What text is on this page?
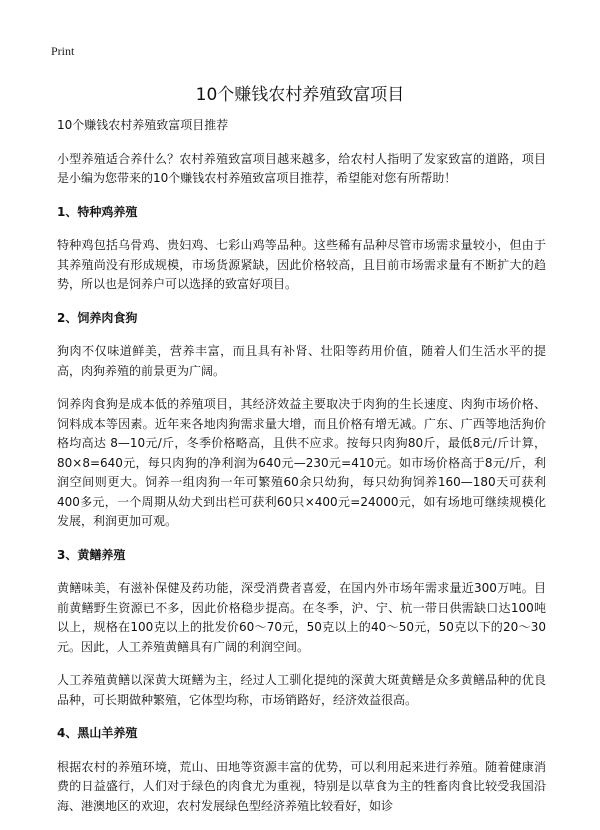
Print
10个赚钱农村养殖致富项目

10个赚钱农村养殖致富项目推荐

小型养殖适合养什么？农村养殖致富项目越来越多，给农村人指明了发家致富的道路，项目是小编为您带来的10个赚钱农村养殖致富项目推荐，希望能对您有所帮助！

1、特种鸡养殖

特种鸡包括乌骨鸡、贵妇鸡、七彩山鸡等品种。这些稀有品种尽管市场需求量较小，但由于其养殖尚没有形成规模，市场货源紧缺，因此价格较高，且目前市场需求量有不断扩大的趋势，所以也是饲养户可以选择的致富好项目。

2、饲养肉食狗

狗肉不仅味道鲜美，营养丰富，而且具有补肾、壮阳等药用价值，随着人们生活水平的提高，肉狗养殖的前景更为广阔。

饲养肉食狗是成本低的养殖项目，其经济效益主要取决于肉狗的生长速度、肉狗市场价格、饲料成本等因素。近年来各地肉狗需求量大增，而且价格有增无减。广东、广西等地活狗价格均高达 8—10元/斤，冬季价格略高，且供不应求。按每只肉狗80斤，最低8元/斤计算，80×8=640元，每只肉狗的净利润为640元—230元=410元。如市场价格高于8元/斤，利润空间则更大。饲养一组肉狗一年可繁殖60余只幼狗，每只幼狗饲养160—180天可获利400多元，一个周期从幼犬到出栏可获利60只×400元=24000元，如有场地可继续规模化发展，利润更加可观。

3、黄鳝养殖

黄鳝味美，有滋补保健及药功能，深受消费者喜爱，在国内外市场年需求量近300万吨。目前黄鳝野生资源已不多，因此价格稳步提高。在冬季，沪、宁、杭一带日供需缺口达100吨以上，规格在100克以上的批发价60～70元，50克以上的40～50元，50克以下的20～30元。因此，人工养殖黄鳝具有广阔的利润空间。

人工养殖黄鳝以深黄大斑鳝为主，经过人工驯化提纯的深黄大斑黄鳝是众多黄鳝品种的优良品种，可长期做种繁殖，它体型均称，市场销路好，经济效益很高。

4、黑山羊养殖

根据农村的养殖环境，荒山、田地等资源丰富的优势，可以利用起来进行养殖。随着健康消费的日益盛行，人们对于绿色的肉食尤为重视，特别是以草食为主的牲畜肉食比较受我国沿海、港澳地区的欢迎，农村发展绿色型经济养殖比较看好，如诊
